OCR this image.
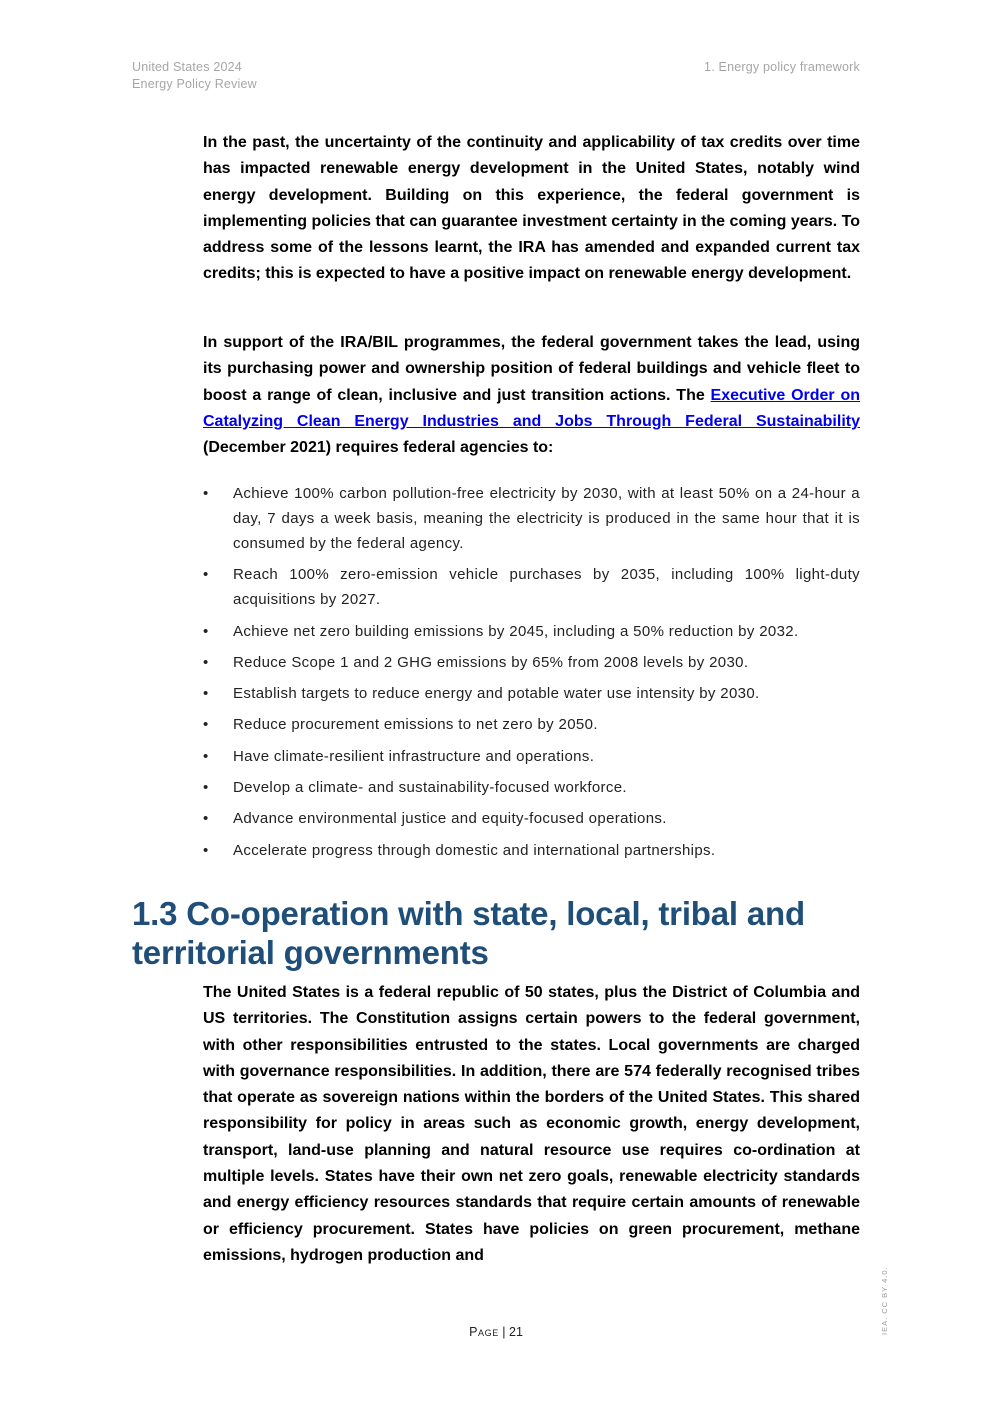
United States 2024
Energy Policy Review
1. Energy policy framework

In the past, the uncertainty of the continuity and applicability of tax credits over time has impacted renewable energy development in the United States, notably wind energy development. Building on this experience, the federal government is implementing policies that can guarantee investment certainty in the coming years. To address some of the lessons learnt, the IRA has amended and expanded current tax credits; this is expected to have a positive impact on renewable energy development.

In support of the IRA/BIL programmes, the federal government takes the lead, using its purchasing power and ownership position of federal buildings and vehicle fleet to boost a range of clean, inclusive and just transition actions. The Executive Order on Catalyzing Clean Energy Industries and Jobs Through Federal Sustainability (December 2021) requires federal agencies to:

• Achieve 100% carbon pollution-free electricity by 2030, with at least 50% on a 24-hour a day, 7 days a week basis, meaning the electricity is produced in the same hour that it is consumed by the federal agency.
• Reach 100% zero-emission vehicle purchases by 2035, including 100% light-duty acquisitions by 2027.
• Achieve net zero building emissions by 2045, including a 50% reduction by 2032.
• Reduce Scope 1 and 2 GHG emissions by 65% from 2008 levels by 2030.
• Establish targets to reduce energy and potable water use intensity by 2030.
• Reduce procurement emissions to net zero by 2050.
• Have climate-resilient infrastructure and operations.
• Develop a climate- and sustainability-focused workforce.
• Advance environmental justice and equity-focused operations.
• Accelerate progress through domestic and international partnerships.
1.3 Co-operation with state, local, tribal and territorial governments

The United States is a federal republic of 50 states, plus the District of Columbia and US territories. The Constitution assigns certain powers to the federal government, with other responsibilities entrusted to the states. Local governments are charged with governance responsibilities. In addition, there are 574 federally recognised tribes that operate as sovereign nations within the borders of the United States. This shared responsibility for policy in areas such as economic growth, energy development, transport, land-use planning and natural resource use requires co-ordination at multiple levels. States have their own net zero goals, renewable electricity standards and energy efficiency resources standards that require certain amounts of renewable or efficiency procurement. States have policies on green procurement, methane emissions, hydrogen production and

Page | 21	IEA. CC BY 4.0.
